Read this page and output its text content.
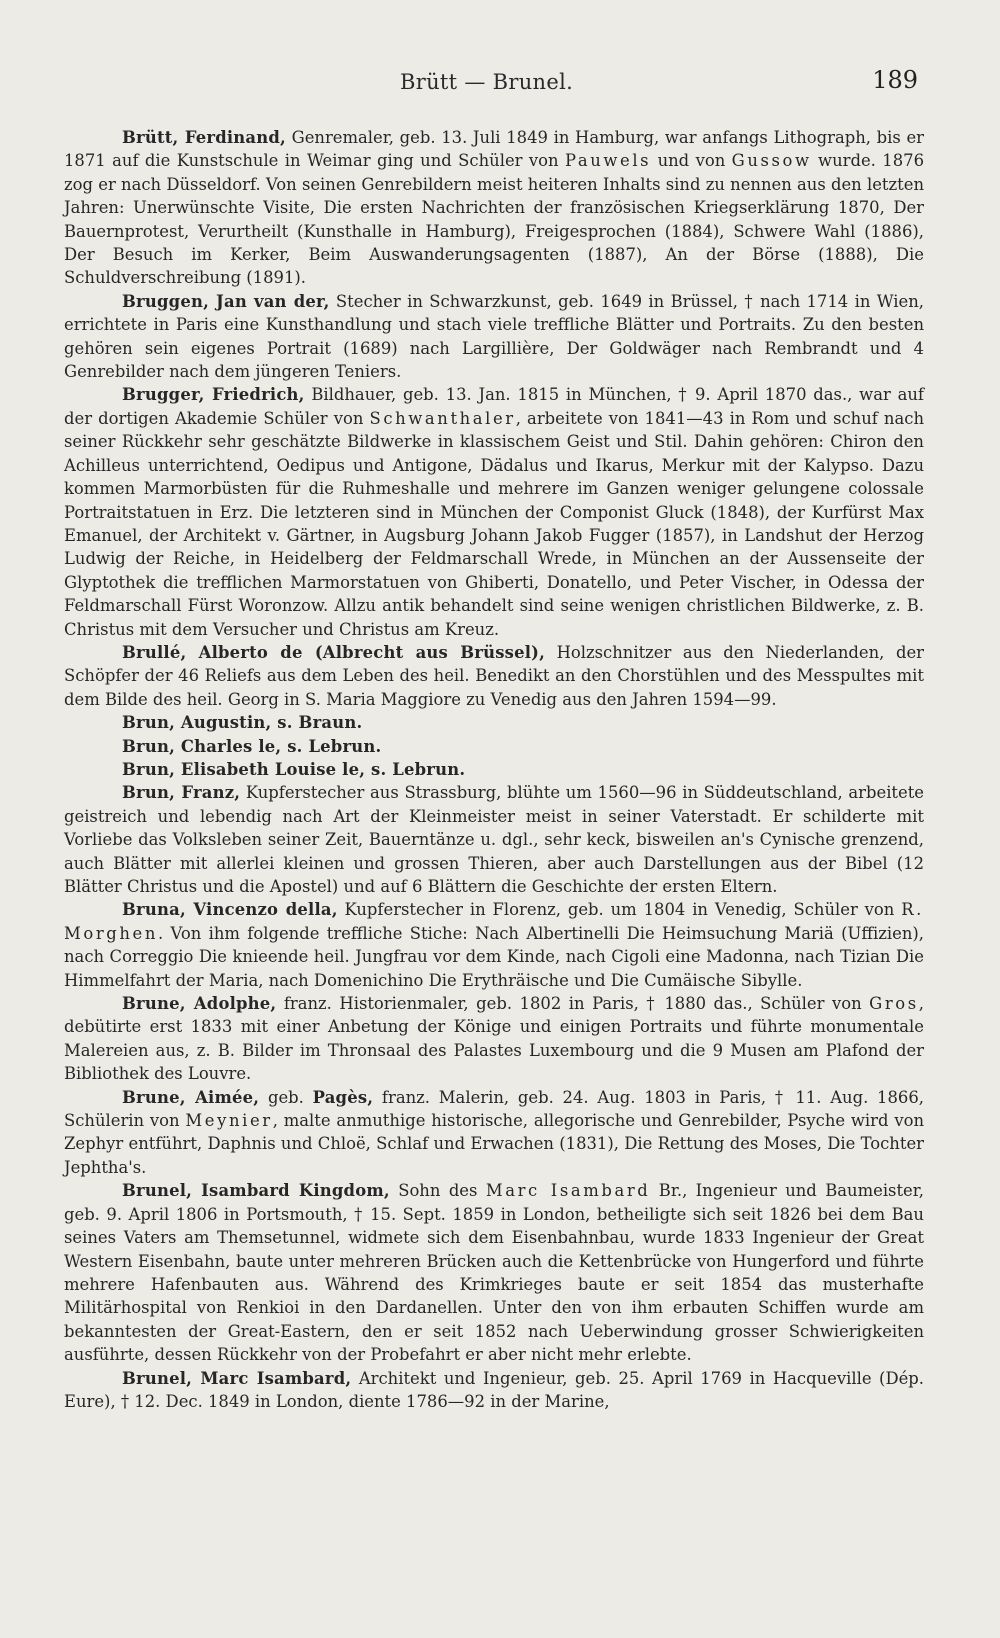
Brütt — Brunel.	189

Brütt, Ferdinand, Genremaler, geb. 13. Juli 1849 in Hamburg, war anfangs Lithograph, bis er 1871 auf die Kunstschule in Weimar ging und Schüler von Pauwels und von Gussow wurde. 1876 zog er nach Düsseldorf. Von seinen Genrebildern meist heiteren Inhalts sind zu nennen aus den letzten Jahren: Unerwünschte Visite, Die ersten Nachrichten der französischen Kriegserklärung 1870, Der Bauernprotest, Verurtheilt (Kunsthalle in Hamburg), Freigesprochen (1884), Schwere Wahl (1886), Der Besuch im Kerker, Beim Auswanderungsagenten (1887), An der Börse (1888), Die Schuldverschreibung (1891).

Bruggen, Jan van der, Stecher in Schwarzkunst, geb. 1649 in Brüssel, † nach 1714 in Wien, errichtete in Paris eine Kunsthandlung und stach viele treffliche Blätter und Portraits. Zu den besten gehören sein eigenes Portrait (1689) nach Largillière, Der Goldwäger nach Rembrandt und 4 Genrebilder nach dem jüngeren Teniers.

Brugger, Friedrich, Bildhauer, geb. 13. Jan. 1815 in München, † 9. April 1870 das., war auf der dortigen Akademie Schüler von Schwanthaler, arbeitete von 1841—43 in Rom und schuf nach seiner Rückkehr sehr geschätzte Bildwerke in klassischem Geist und Stil. Dahin gehören: Chiron den Achilleus unterrichtend, Oedipus und Antigone, Dädalus und Ikarus, Merkur mit der Kalypso. Dazu kommen Marmorbüsten für die Ruhmeshalle und mehrere im Ganzen weniger gelungene colossale Portraitstatuen in Erz. Die letzteren sind in München der Componist Gluck (1848), der Kurfürst Max Emanuel, der Architekt v. Gärtner, in Augsburg Johann Jakob Fugger (1857), in Landshut der Herzog Ludwig der Reiche, in Heidelberg der Feldmarschall Wrede, in München an der Aussenseite der Glyptothek die trefflichen Marmorstatuen von Ghiberti, Donatello, und Peter Vischer, in Odessa der Feldmarschall Fürst Woronzow. Allzu antik behandelt sind seine wenigen christlichen Bildwerke, z. B. Christus mit dem Versucher und Christus am Kreuz.

Brullé, Alberto de (Albrecht aus Brüssel), Holzschnitzer aus den Niederlanden, der Schöpfer der 46 Reliefs aus dem Leben des heil. Benedikt an den Chorstühlen und des Messpultes mit dem Bilde des heil. Georg in S. Maria Maggiore zu Venedig aus den Jahren 1594—99.

Brun, Augustin, s. Braun.

Brun, Charles le, s. Lebrun.

Brun, Elisabeth Louise le, s. Lebrun.

Brun, Franz, Kupferstecher aus Strassburg, blühte um 1560—96 in Süddeutschland, arbeitete geistreich und lebendig nach Art der Kleinmeister meist in seiner Vaterstadt. Er schilderte mit Vorliebe das Volksleben seiner Zeit, Bauerntänze u. dgl., sehr keck, bisweilen an's Cynische grenzend, auch Blätter mit allerlei kleinen und grossen Thieren, aber auch Darstellungen aus der Bibel (12 Blätter Christus und die Apostel) und auf 6 Blättern die Geschichte der ersten Eltern.

Bruna, Vincenzo della, Kupferstecher in Florenz, geb. um 1804 in Venedig, Schüler von R. Morghen. Von ihm folgende treffliche Stiche: Nach Albertinelli Die Heimsuchung Mariä (Uffizien), nach Correggio Die knieende heil. Jungfrau vor dem Kinde, nach Cigoli eine Madonna, nach Tizian Die Himmelfahrt der Maria, nach Domenichino Die Erythräische und Die Cumäische Sibylle.

Brune, Adolphe, franz. Historienmaler, geb. 1802 in Paris, † 1880 das., Schüler von Gros, debütirte erst 1833 mit einer Anbetung der Könige und einigen Portraits und führte monumentale Malereien aus, z. B. Bilder im Thronsaal des Palastes Luxembourg und die 9 Musen am Plafond der Bibliothek des Louvre.

Brune, Aimée, geb. Pagès, franz. Malerin, geb. 24. Aug. 1803 in Paris, † 11. Aug. 1866, Schülerin von Meynier, malte anmuthige historische, allegorische und Genrebilder, Psyche wird von Zephyr entführt, Daphnis und Chloë, Schlaf und Erwachen (1831), Die Rettung des Moses, Die Tochter Jephtha's.

Brunel, Isambard Kingdom, Sohn des Marc Isambard Br., Ingenieur und Baumeister, geb. 9. April 1806 in Portsmouth, † 15. Sept. 1859 in London, betheiligte sich seit 1826 bei dem Bau seines Vaters am Themsetunnel, widmete sich dem Eisenbahnbau, wurde 1833 Ingenieur der Great Western Eisenbahn, baute unter mehreren Brücken auch die Kettenbrücke von Hungerford und führte mehrere Hafenbauten aus. Während des Krimkrieges baute er seit 1854 das musterhafte Militärhospital von Renkioi in den Dardanellen. Unter den von ihm erbauten Schiffen wurde am bekanntesten der Great-Eastern, den er seit 1852 nach Ueberwindung grosser Schwierigkeiten ausführte, dessen Rückkehr von der Probefahrt er aber nicht mehr erlebte.

Brunel, Marc Isambard, Architekt und Ingenieur, geb. 25. April 1769 in Hacqueville (Dép. Eure), † 12. Dec. 1849 in London, diente 1786—92 in der Marine,
